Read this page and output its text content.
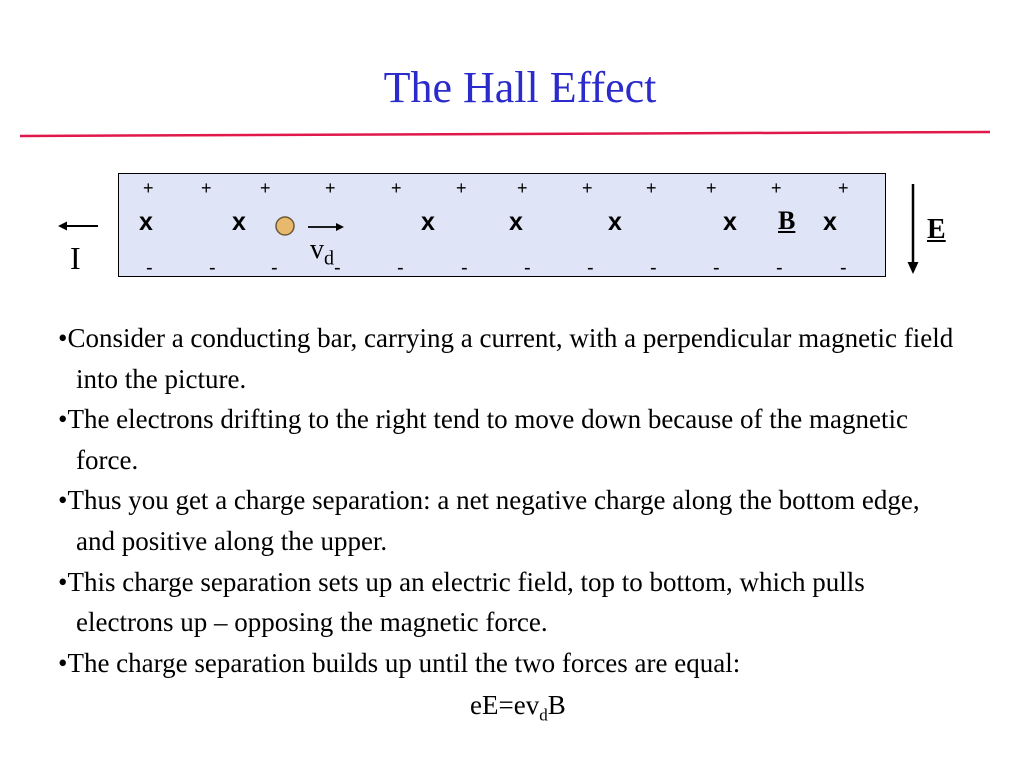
The Hall Effect
+	+	+	+	+	+	+	+	+	+	+	+
-	-	-	-	-	-	-	-	-	-	-	-
x	x	x	x	x	x	x
B
$v_d$
I
E
•Consider a conducting bar, carrying a current, with a perpendicular magnetic field into the picture.
•The electrons drifting to the right tend to move down because of the magnetic force.
•Thus you get a charge separation: a net negative charge along the bottom edge, and positive along the upper.
•This charge separation sets up an electric field, top to bottom, which pulls electrons up – opposing the magnetic force.
•The charge separation builds up until the two forces are equal:
$eE=ev_dB$
